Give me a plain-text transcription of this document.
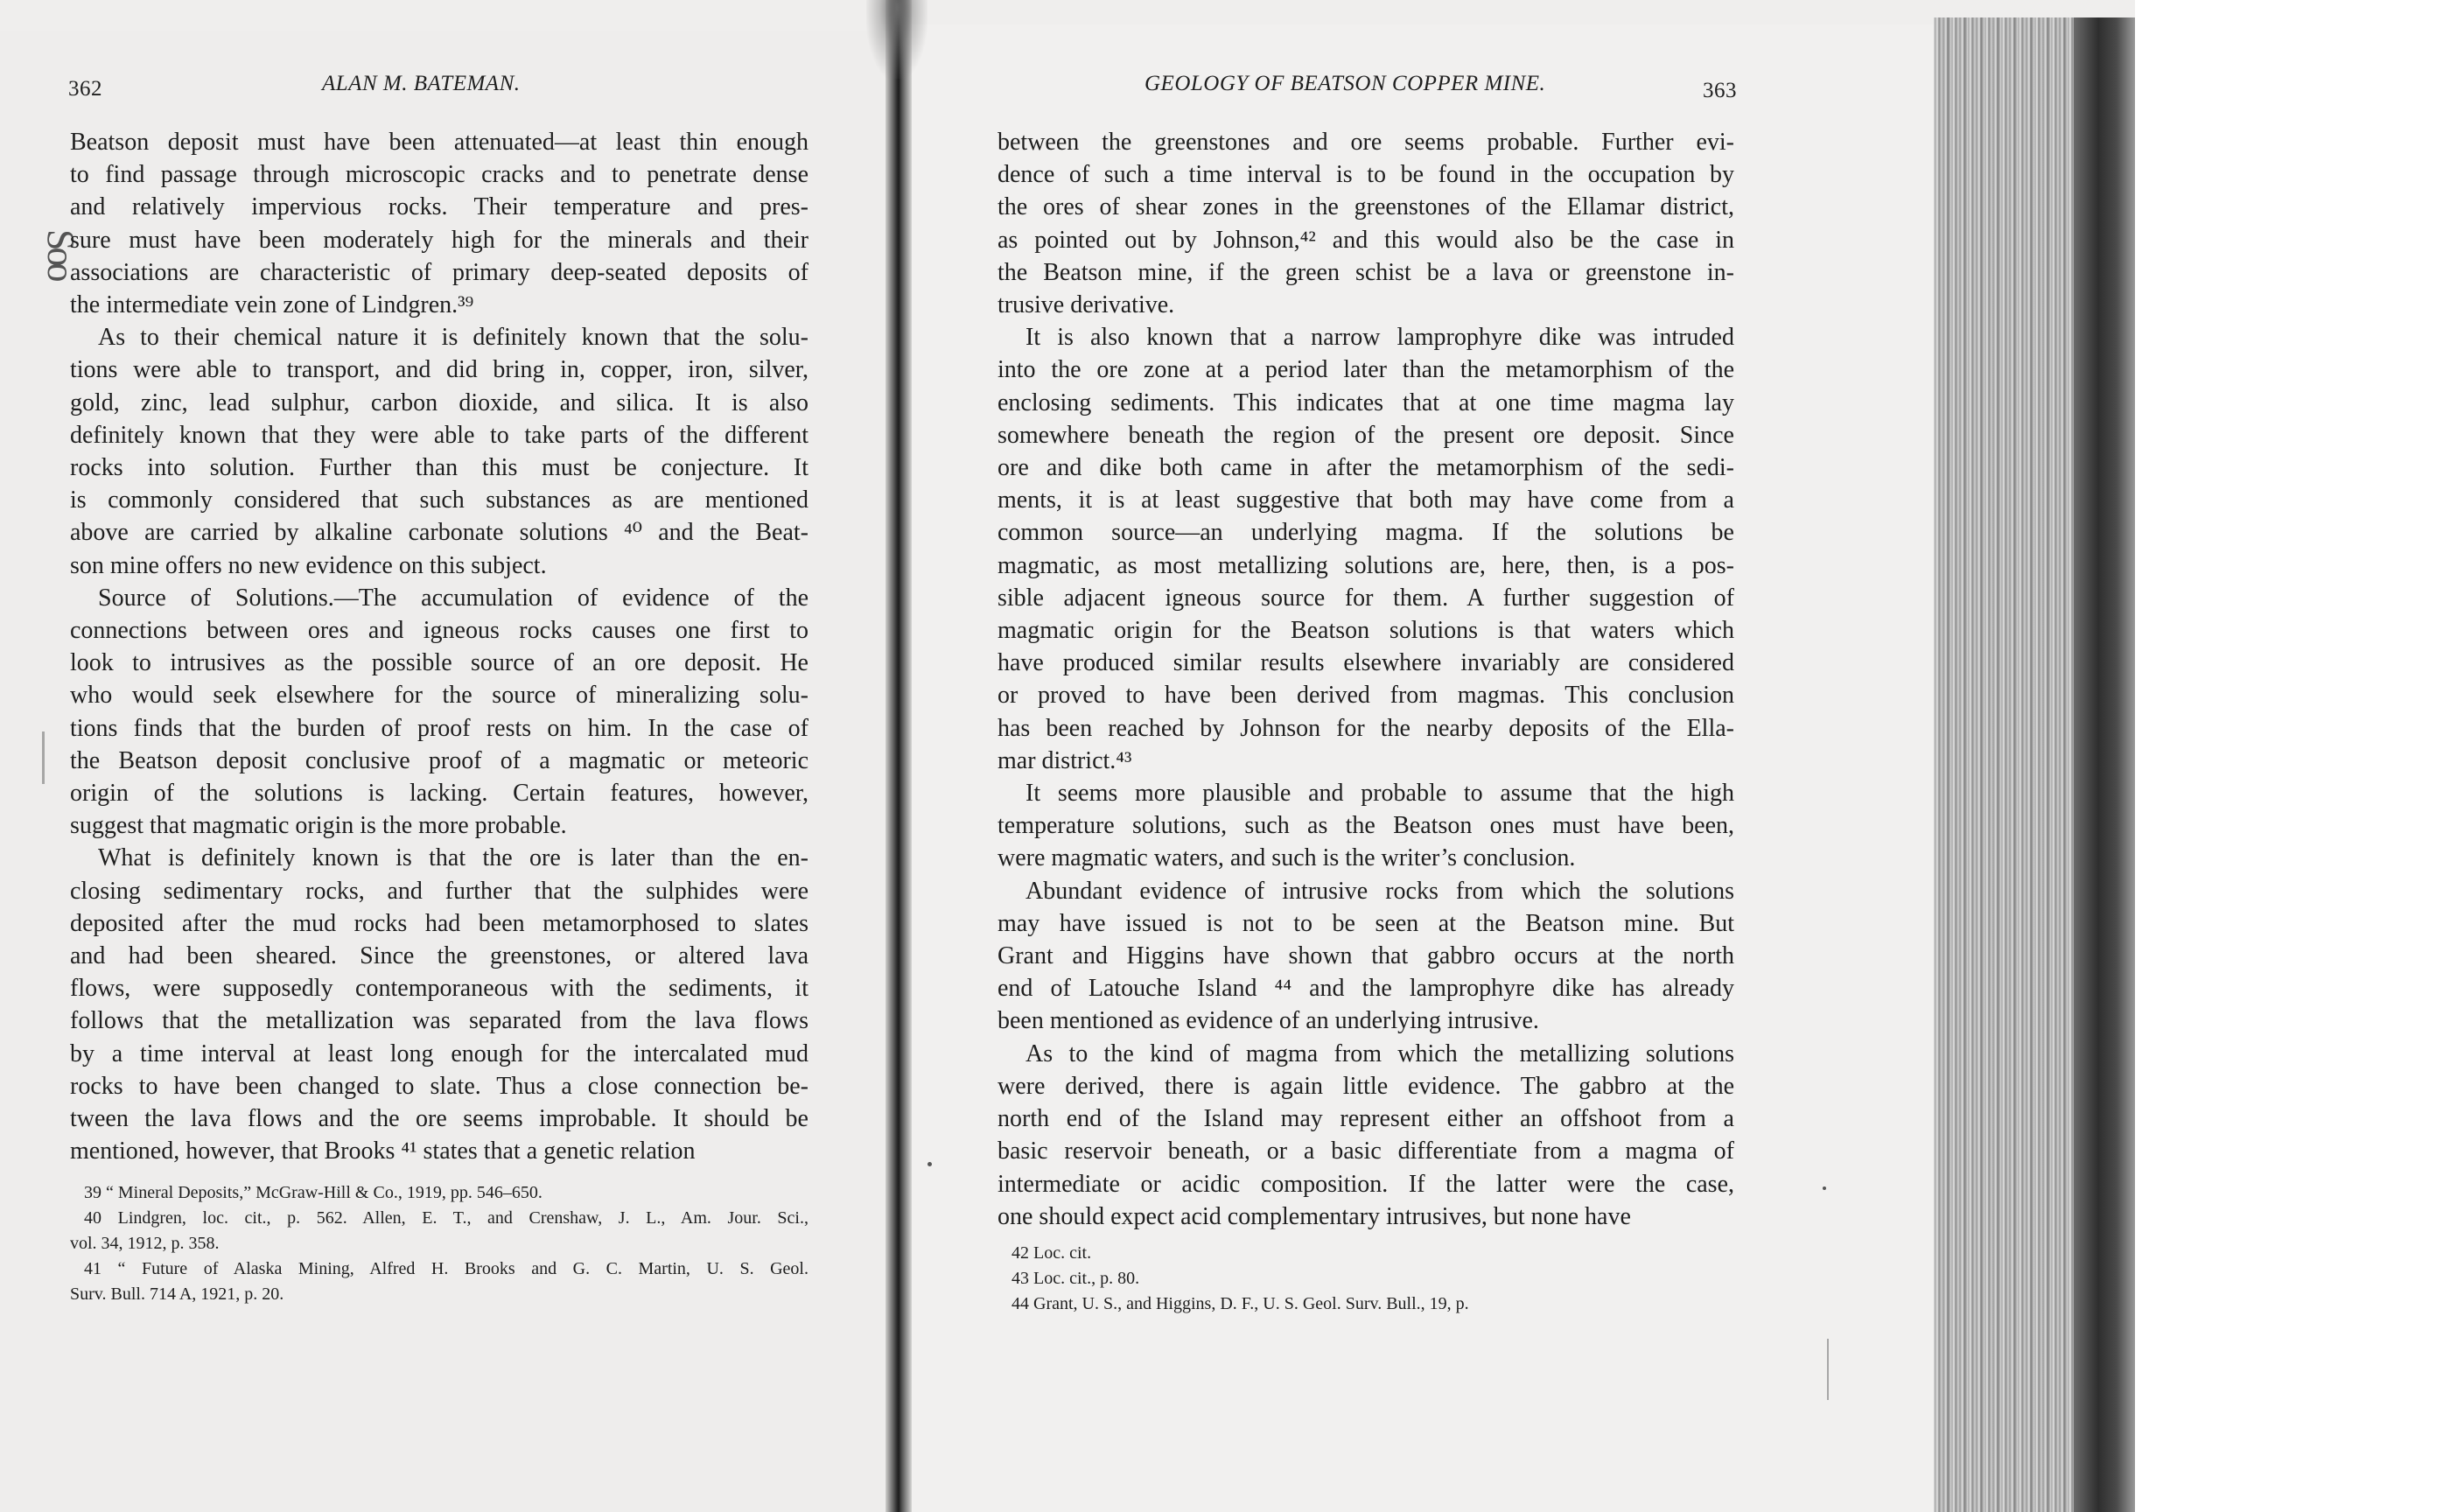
362	ALAN M. BATEMAN.
Soo
Beatson deposit must have been attenuated—at least thin enough
to find passage through microscopic cracks and to penetrate dense
and relatively impervious rocks. Their temperature and pres-
sure must have been moderately high for the minerals and their
associations are characteristic of primary deep-seated deposits of
the intermediate vein zone of Lindgren.³⁹
As to their chemical nature it is definitely known that the solu-
tions were able to transport, and did bring in, copper, iron, silver,
gold, zinc, lead sulphur, carbon dioxide, and silica. It is also
definitely known that they were able to take parts of the different
rocks into solution. Further than this must be conjecture. It
is commonly considered that such substances as are mentioned
above are carried by alkaline carbonate solutions ⁴⁰ and the Beat-
son mine offers no new evidence on this subject.
Source of Solutions.—The accumulation of evidence of the
connections between ores and igneous rocks causes one first to
look to intrusives as the possible source of an ore deposit. He
who would seek elsewhere for the source of mineralizing solu-
tions finds that the burden of proof rests on him. In the case of
the Beatson deposit conclusive proof of a magmatic or meteoric
origin of the solutions is lacking. Certain features, however,
suggest that magmatic origin is the more probable.
What is definitely known is that the ore is later than the en-
closing sedimentary rocks, and further that the sulphides were
deposited after the mud rocks had been metamorphosed to slates
and had been sheared. Since the greenstones, or altered lava
flows, were supposedly contemporaneous with the sediments, it
follows that the metallization was separated from the lava flows
by a time interval at least long enough for the intercalated mud
rocks to have been changed to slate. Thus a close connection be-
tween the lava flows and the ore seems improbable. It should be
mentioned, however, that Brooks ⁴¹ states that a genetic relation
39 “ Mineral Deposits,” McGraw-Hill & Co., 1919, pp. 546–650.
40 Lindgren, loc. cit., p. 562. Allen, E. T., and Crenshaw, J. L., Am. Jour. Sci.,
vol. 34, 1912, p. 358.
41 “ Future of Alaska Mining, Alfred H. Brooks and G. C. Martin, U. S. Geol.
Surv. Bull. 714 A, 1921, p. 20.
GEOLOGY OF BEATSON COPPER MINE.	363
between the greenstones and ore seems probable. Further evi-
dence of such a time interval is to be found in the occupation by
the ores of shear zones in the greenstones of the Ellamar district,
as pointed out by Johnson,⁴² and this would also be the case in
the Beatson mine, if the green schist be a lava or greenstone in-
trusive derivative.
It is also known that a narrow lamprophyre dike was intruded
into the ore zone at a period later than the metamorphism of the
enclosing sediments. This indicates that at one time magma lay
somewhere beneath the region of the present ore deposit. Since
ore and dike both came in after the metamorphism of the sedi-
ments, it is at least suggestive that both may have come from a
common source—an underlying magma. If the solutions be
magmatic, as most metallizing solutions are, here, then, is a pos-
sible adjacent igneous source for them. A further suggestion of
magmatic origin for the Beatson solutions is that waters which
have produced similar results elsewhere invariably are considered
or proved to have been derived from magmas. This conclusion
has been reached by Johnson for the nearby deposits of the Ella-
mar district.⁴³
It seems more plausible and probable to assume that the high
temperature solutions, such as the Beatson ones must have been,
were magmatic waters, and such is the writer’s conclusion.
Abundant evidence of intrusive rocks from which the solutions
may have issued is not to be seen at the Beatson mine. But
Grant and Higgins have shown that gabbro occurs at the north
end of Latouche Island ⁴⁴ and the lamprophyre dike has already
been mentioned as evidence of an underlying intrusive.
As to the kind of magma from which the metallizing solutions
were derived, there is again little evidence. The gabbro at the
north end of the Island may represent either an offshoot from a
basic reservoir beneath, or a basic differentiate from a magma of
intermediate or acidic composition. If the latter were the case,
one should expect acid complementary intrusives, but none have
42 Loc. cit.
43 Loc. cit., p. 80.
44 Grant, U. S., and Higgins, D. F., U. S. Geol. Surv. Bull., 19, p.
